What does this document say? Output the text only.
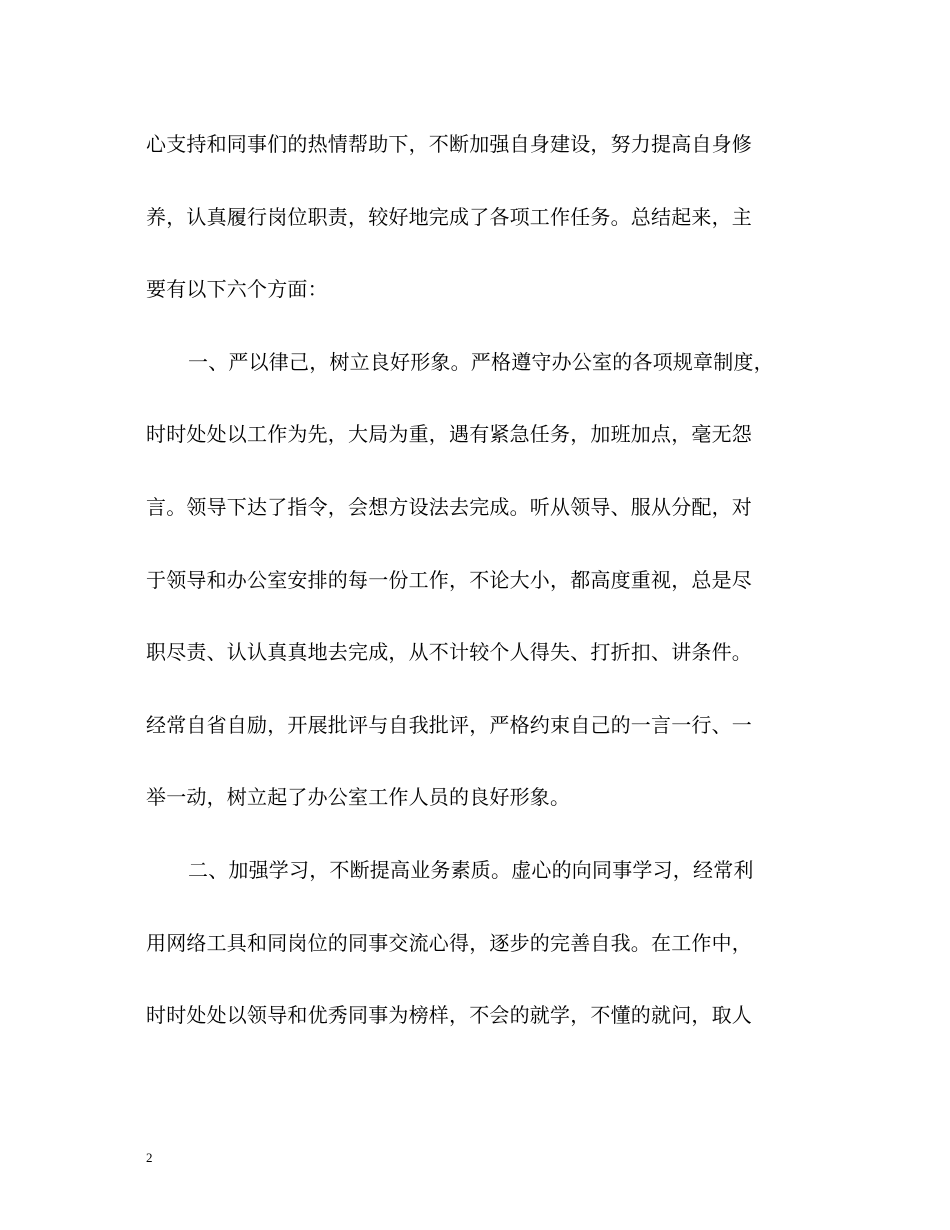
心支持和同事们的热情帮助下，不断加强自身建设，努力提高自身修
养，认真履行岗位职责，较好地完成了各项工作任务。总结起来，主
要有以下六个方面：
一、严以律己，树立良好形象。严格遵守办公室的各项规章制度，
时时处处以工作为先，大局为重，遇有紧急任务，加班加点，毫无怨
言。领导下达了指令，会想方设法去完成。听从领导、服从分配，对
于领导和办公室安排的每一份工作，不论大小，都高度重视，总是尽
职尽责、认认真真地去完成，从不计较个人得失、打折扣、讲条件。
经常自省自励，开展批评与自我批评，严格约束自己的一言一行、一
举一动，树立起了办公室工作人员的良好形象。
二、加强学习，不断提高业务素质。虚心的向同事学习，经常利
用网络工具和同岗位的同事交流心得，逐步的完善自我。在工作中，
时时处处以领导和优秀同事为榜样，不会的就学，不懂的就问，取人
2
